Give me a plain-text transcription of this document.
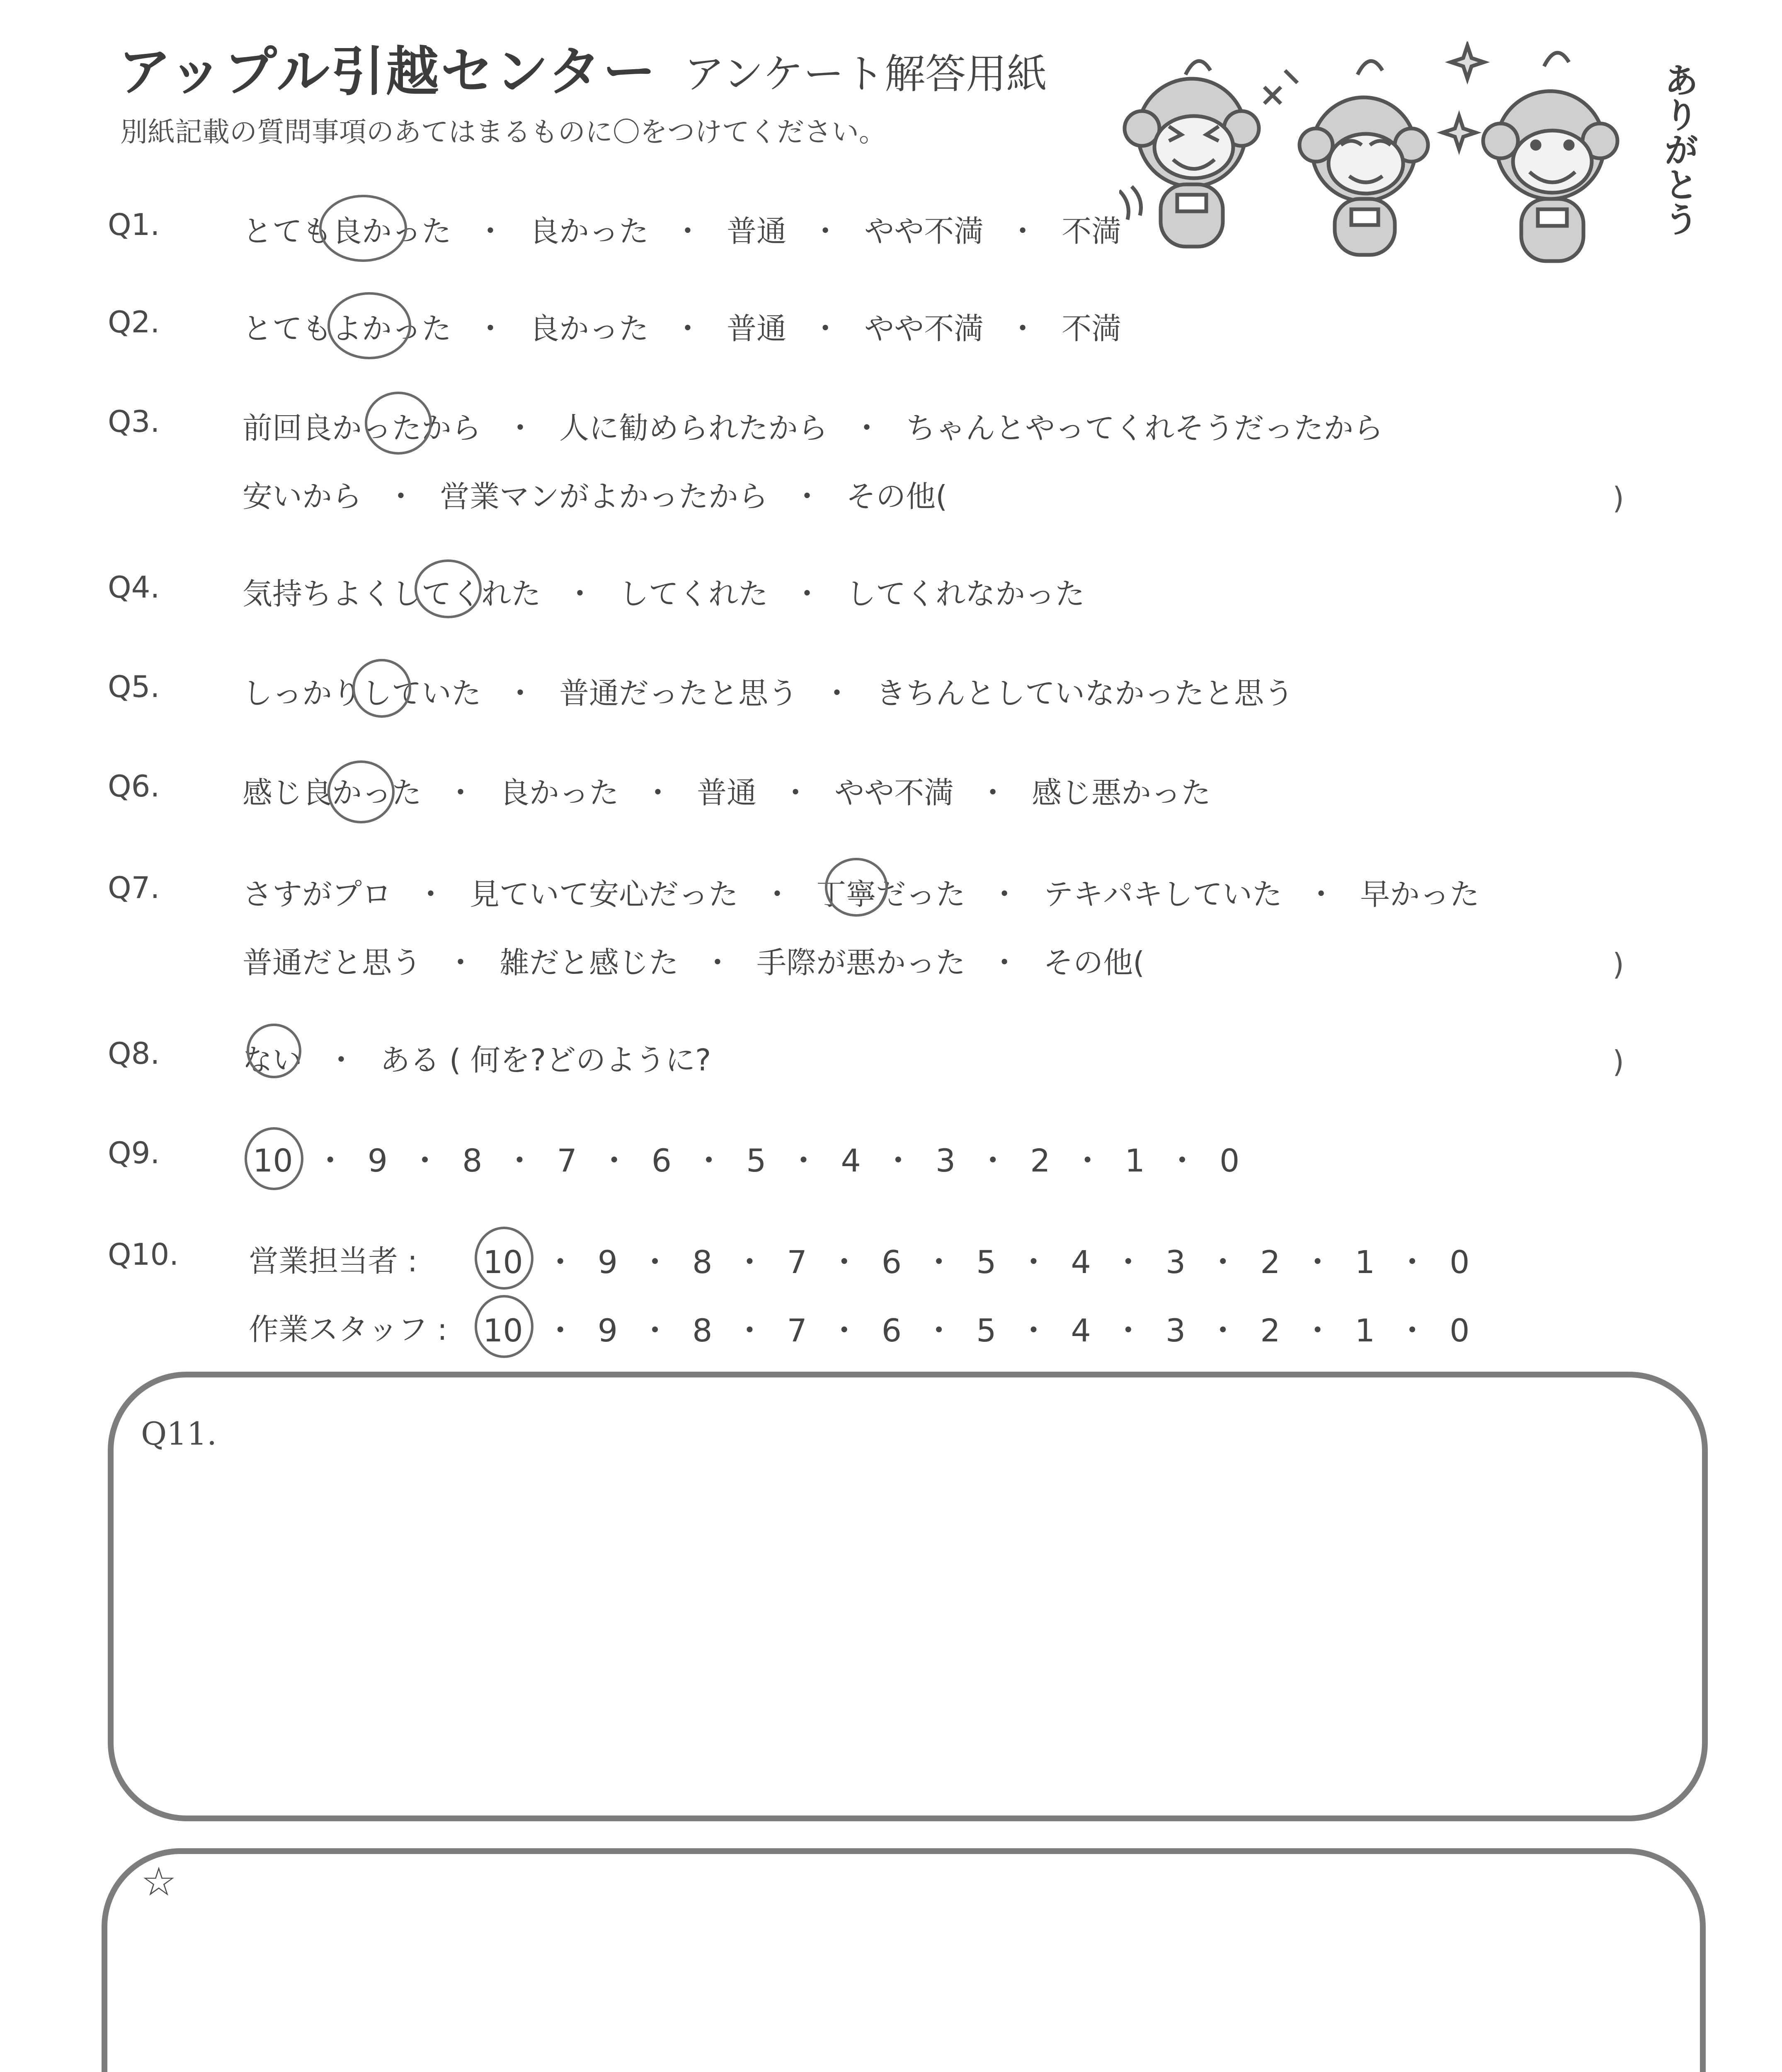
アップル引越センター アンケート解答用紙
別紙記載の質問事項のあてはまるものに〇をつけてください。	ありがとう
Q1.	とても良かった ・ 良かった ・ 普通 ・ やや不満 ・ 不満
Q2.	とてもよかった ・ 良かった ・ 普通 ・ やや不満 ・ 不満
Q3.	前回良かったから ・ 人に勧められたから ・ ちゃんとやってくれそうだったから
安いから ・ 営業マンがよかったから ・ その他(	)
Q4.	気持ちよくしてくれた ・ してくれた ・ してくれなかった
Q5.	しっかりしていた ・ 普通だったと思う ・ きちんとしていなかったと思う
Q6.	感じ良かった ・ 良かった ・ 普通 ・ やや不満 ・ 感じ悪かった
Q7.	さすがプロ ・ 見ていて安心だった ・ 丁寧だった ・ テキパキしていた ・ 早かった
普通だと思う ・ 雑だと感じた ・ 手際が悪かった ・ その他(	)
Q8.	ない ・ ある ( 何を?どのように?	)
Q9.	10 ・ 9 ・ 8 ・ 7 ・ 6 ・ 5 ・ 4 ・ 3 ・ 2 ・ 1 ・ 0
Q10. 営業担当者 : 10 ・ 9 ・ 8 ・ 7 ・ 6 ・ 5 ・ 4 ・ 3 ・ 2 ・ 1 ・ 0
作業スタッフ : 10 ・ 9 ・ 8 ・ 7 ・ 6 ・ 5 ・ 4 ・ 3 ・ 2 ・ 1 ・ 0
Q11.
☆
